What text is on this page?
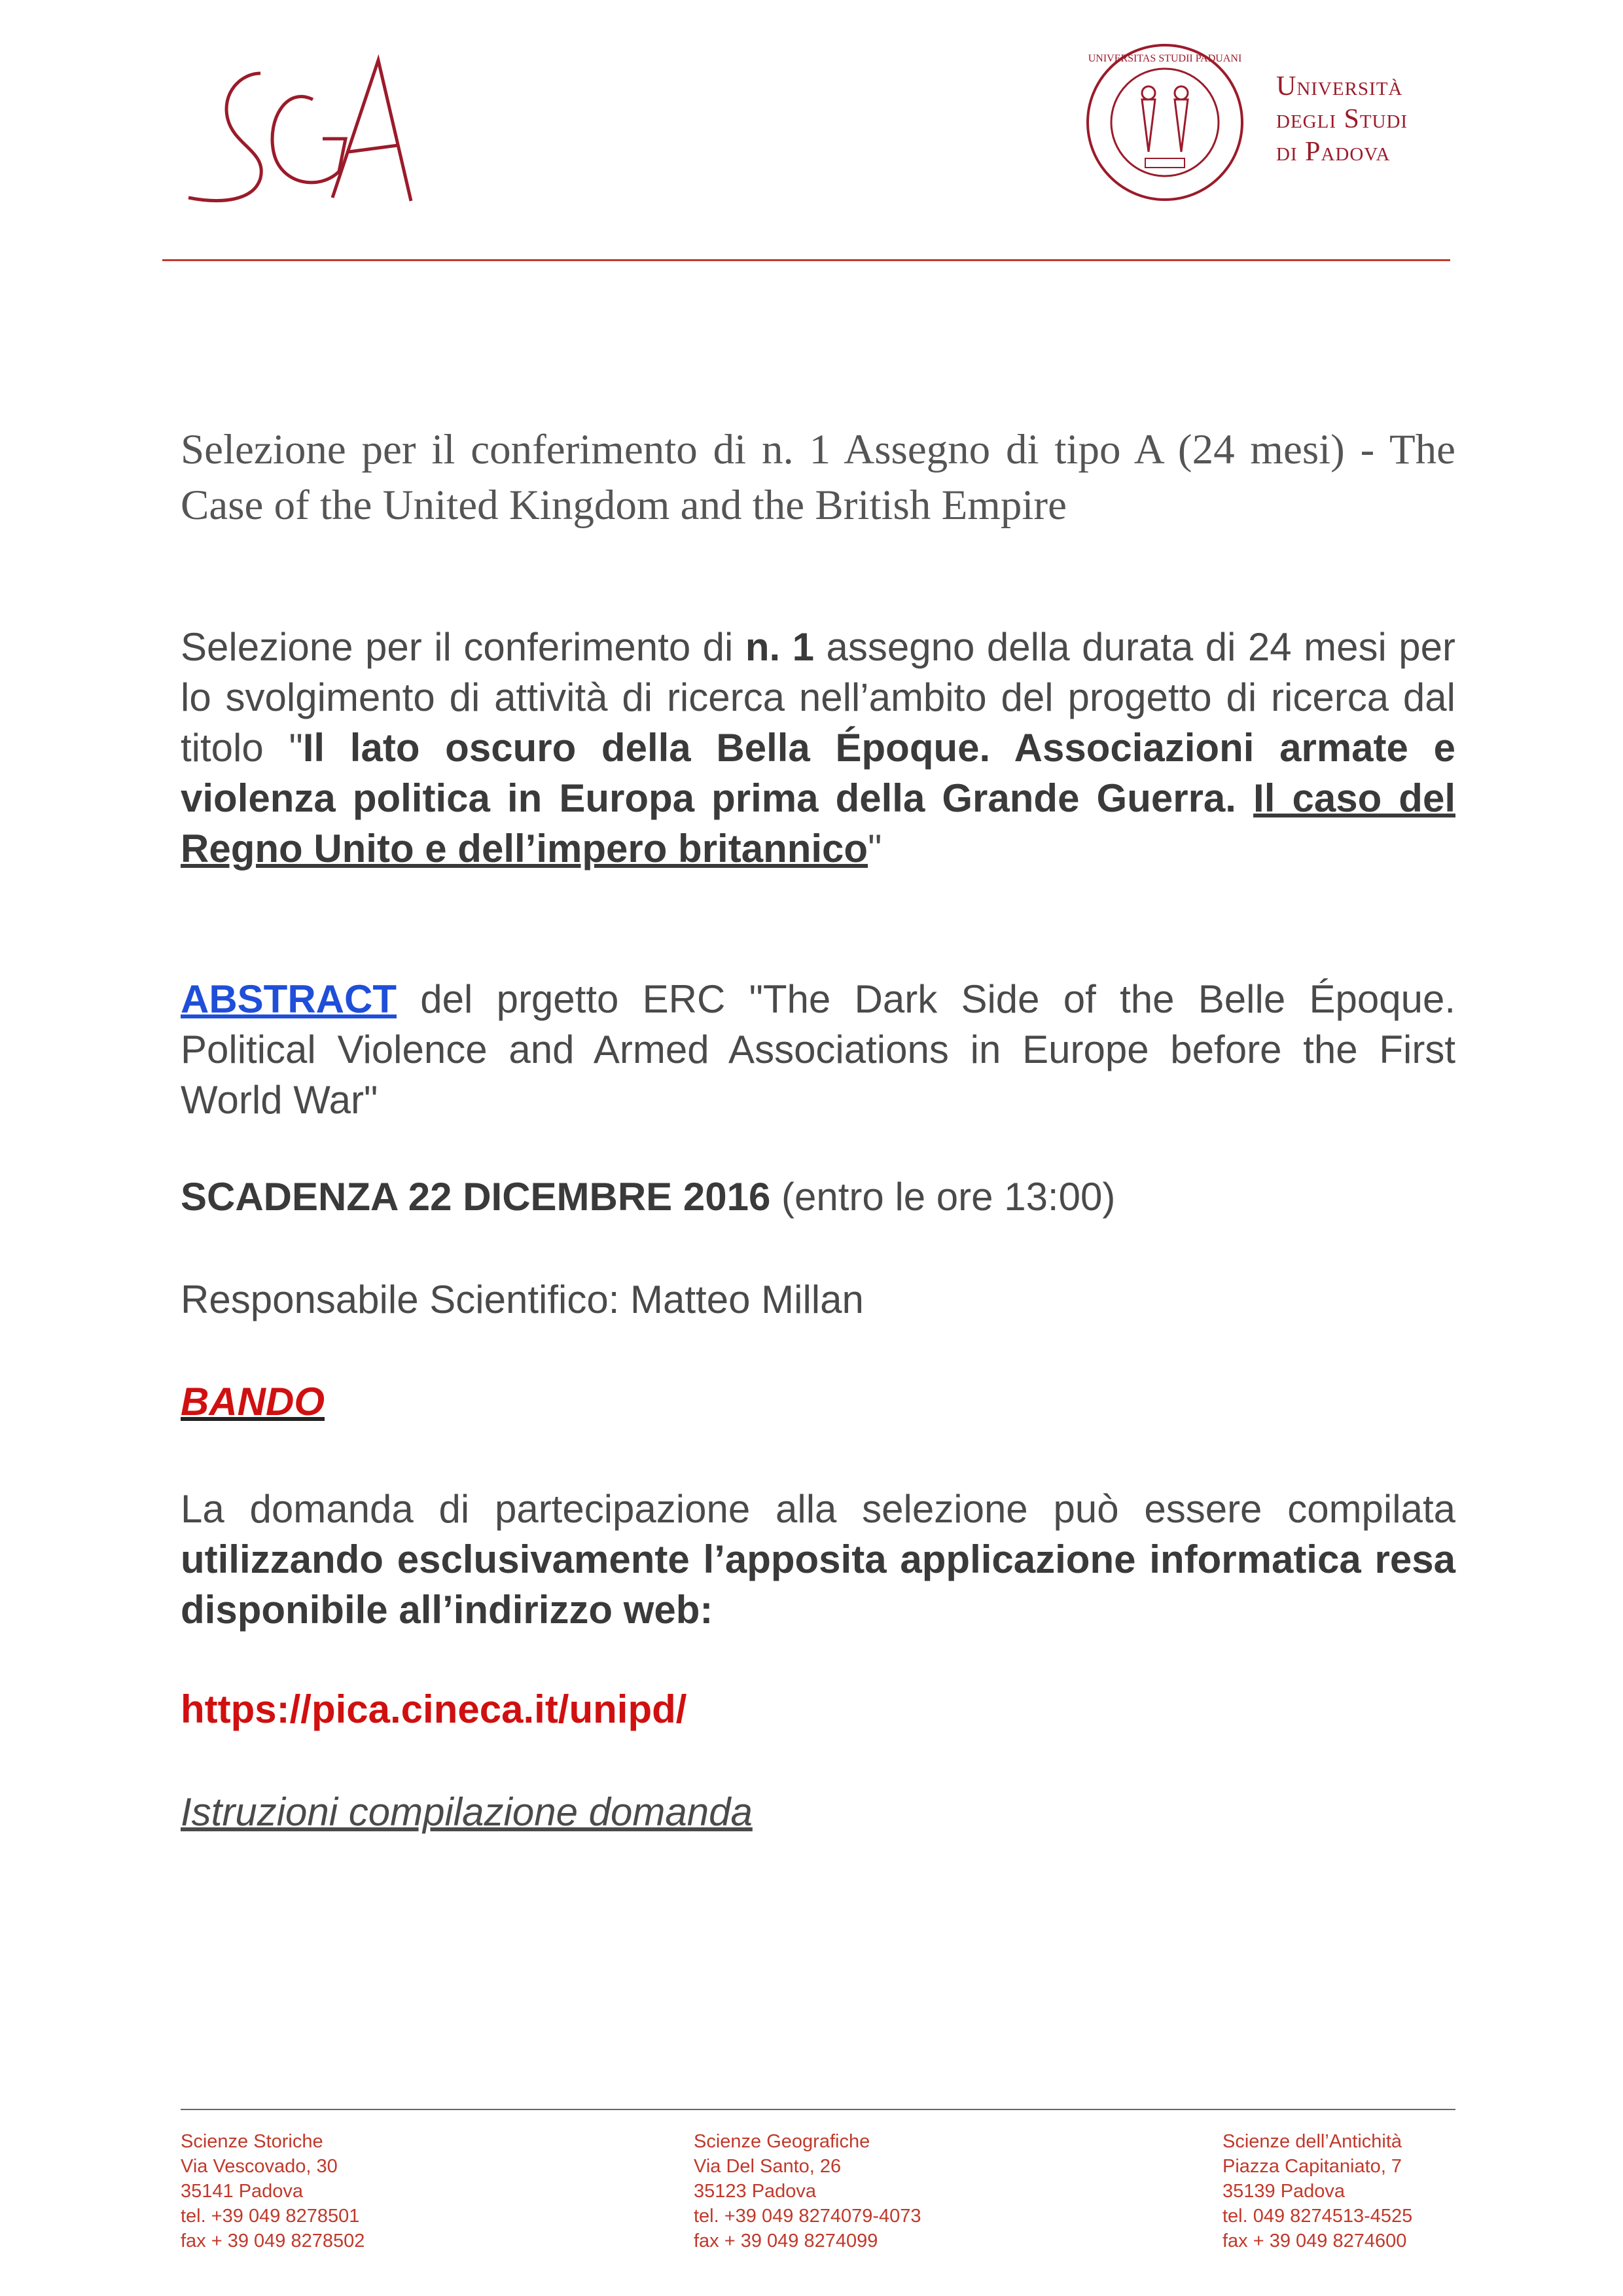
SGA
UNIVERSITAS STUDII PADUANI
Università
degli Studi
di Padova
Selezione per il conferimento di n. 1 Assegno di tipo A (24 mesi) - The Case of the United Kingdom and the British Empire
Selezione per il conferimento di n. 1 assegno della durata di 24 mesi per lo svolgimento di attività di ricerca nell’ambito del progetto di ricerca dal titolo "Il lato oscuro della Bella Époque. Associazioni armate e violenza politica in Europa prima della Grande Guerra. Il caso del Regno Unito e dell’impero britannico"
ABSTRACT del prgetto ERC "The Dark Side of the Belle Époque. Political Violence and Armed Associations in Europe before the First World War"
SCADENZA 22 DICEMBRE 2016 (entro le ore 13:00)
Responsabile Scientifico: Matteo Millan
BANDO
La domanda di partecipazione alla selezione può essere compilata utilizzando esclusivamente l’apposita applicazione informatica resa disponibile all’indirizzo web:
https://pica.cineca.it/unipd/
Istruzioni compilazione domanda
Scienze Storiche
Via Vescovado, 30
35141 Padova
tel. +39 049 8278501
fax + 39 049 8278502
Scienze Geografiche
Via Del Santo, 26
35123 Padova
tel. +39 049 8274079-4073
fax + 39 049 8274099
Scienze dell’Antichità
Piazza Capitaniato, 7
35139 Padova
tel. 049 8274513-4525
fax + 39 049 8274600
